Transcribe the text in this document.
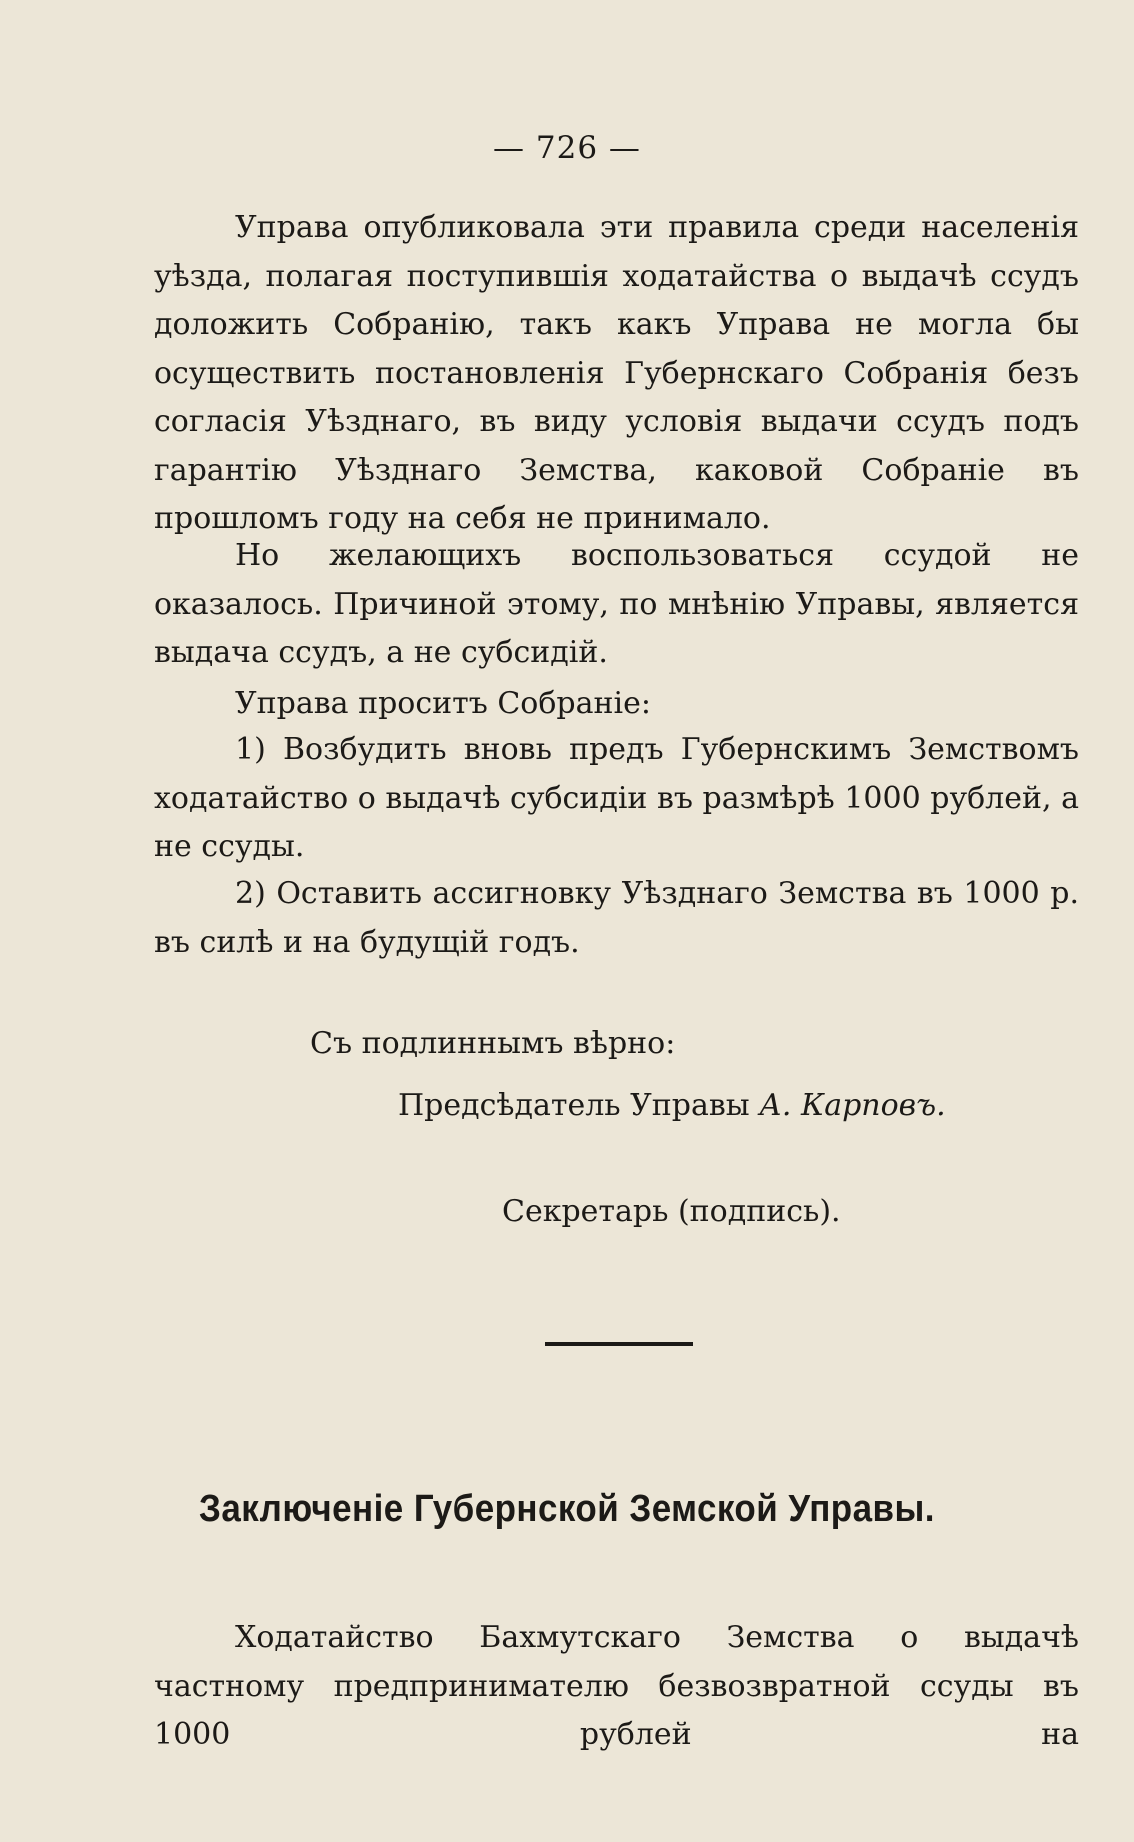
— 726 —

Управа опубликовала эти правила среди населенія уѣзда, полагая поступившія ходатайства о выдачѣ ссудъ доложить Собранію, такъ какъ Управа не могла бы осуществить постановленія Губернскаго Собранія безъ согласія Уѣзднаго, въ виду условія выдачи ссудъ подъ гарантію Уѣзднаго Земства, каковой Собраніе въ прошломъ году на себя не принимало.

Но желающихъ воспользоваться ссудой не оказалось. Причиной этому, по мнѣнію Управы, является выдача ссудъ, а не субсидій.

Управа проситъ Собраніе:

1) Возбудить вновь предъ Губернскимъ Земствомъ ходатайство о выдачѣ субсидіи въ размѣрѣ 1000 рублей, а не ссуды.

2) Оставить ассигновку Уѣзднаго Земства въ 1000 р. въ силѣ и на будущій годъ.

Съ подлиннымъ вѣрно:
Предсѣдатель Управы А. Карповъ.
Секретарь (подпись).
Заключеніе Губернской Земской Управы.

Ходатайство Бахмутскаго Земства о выдачѣ частному предпринимателю безвозвратной ссуды въ 1000 рублей на
